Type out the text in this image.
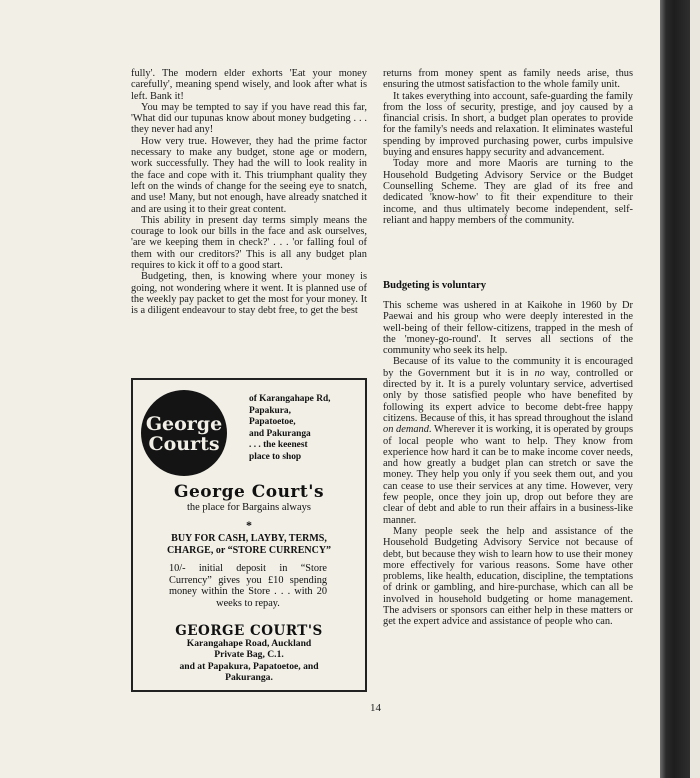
fully'. The modern elder exhorts 'Eat your money carefully', meaning spend wisely, and look after what is left. Bank it!

You may be tempted to say if you have read this far, 'What did our tupunas know about money budgeting . . . they never had any!

How very true. However, they had the prime factor necessary to make any budget, stone age or modern, work successfully. They had the will to look reality in the face and cope with it. This triumphant quality they left on the winds of change for the seeing eye to snatch, and use! Many, but not enough, have already snatched it and are using it to their great content.

This ability in present day terms simply means the courage to look our bills in the face and ask ourselves, 'are we keeping them in check?' . . . 'or falling foul of them with our creditors?' This is all any budget plan requires to kick it off to a good start.

Budgeting, then, is knowing where your money is going, not wondering where it went. It is planned use of the weekly pay packet to get the most for your money. It is a diligent endeavour to stay debt free, to get the best

returns from money spent as family needs arise, thus ensuring the utmost satisfaction to the whole family unit.

It takes everything into account, safe-guarding the family from the loss of security, prestige, and joy caused by a financial crisis. In short, a budget plan operates to provide for the family's needs and relaxation. It eliminates wasteful spending by improved purchasing power, curbs impulsive buying and ensures happy security and advancement.

Today more and more Maoris are turning to the Household Budgeting Advisory Service or the Budget Counselling Scheme. They are glad of its free and dedicated 'know-how' to fit their expenditure to their income, and thus ultimately become independent, self-reliant and happy members of the community.

Budgeting is voluntary

This scheme was ushered in at Kaikohe in 1960 by Dr Paewai and his group who were deeply interested in the well-being of their fellow-citizens, trapped in the mesh of the 'money-go-round'. It serves all sections of the community who seek its help.

Because of its value to the community it is encouraged by the Government but it is in no way, controlled or directed by it. It is a purely voluntary service, advertised only by those satisfied people who have benefited by following its expert advice to become debt-free happy citizens. Because of this, it has spread throughout the island on demand. Wherever it is working, it is operated by groups of local people who want to help. They know from experience how hard it can be to make income cover needs, and how greatly a budget plan can stretch or save the money. They help you only if you seek them out, and you can cease to use their services at any time. However, very few people, once they join up, drop out before they are clear of debt and able to run their affairs in a business-like manner.

Many people seek the help and assistance of the Household Budgeting Advisory Service not because of debt, but because they wish to learn how to use their money more effectively for various reasons. Some have other problems, like health, education, discipline, the temptations of drink or gambling, and hire-purchase, which can all be involved in household budgeting or home management. The advisers or sponsors can either help in these matters or get the expert advice and assistance of people who can.

George
Courts
of Karangahape Rd,
Papakura,
Papatoetoe,
and Pakuranga
. . . the keenest
place to shop
George Court's
the place for Bargains always
*
BUY FOR CASH, LAYBY, TERMS,
CHARGE, or “STORE CURRENCY”
10/- initial deposit in “Store Currency” gives you £10 spending money within the Store . . . with 20 weeks to repay.
GEORGE COURT'S
Karangahape Road, Auckland
Private Bag, C.1.
and at Papakura, Papatoetoe, and
Pakuranga.
14
